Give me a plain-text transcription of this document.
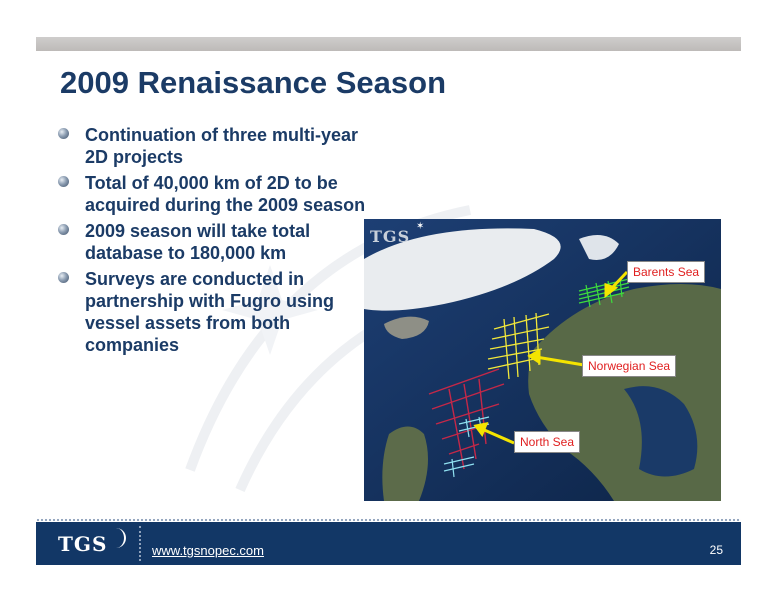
2009 Renaissance Season
Continuation of three multi-year 2D projects
Total of 40,000 km of 2D to be acquired during the 2009 season
2009 season will take total database to 180,000 km
Surveys are conducted in partnership with Fugro using vessel assets from both companies
TGS
✶
Barents Sea
Norwegian Sea
North Sea
TGS	www.tgsnopec.com	25
